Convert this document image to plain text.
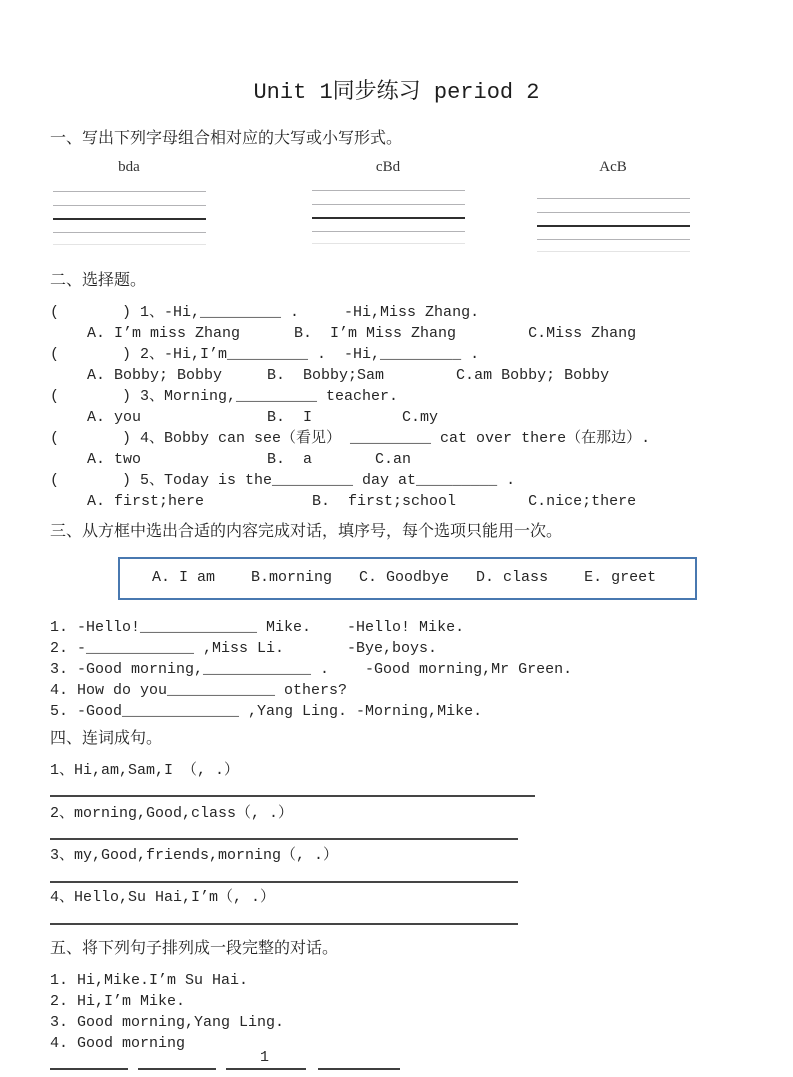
Unit 1同步练习 period 2
一、写出下列字母组合相对应的大写或小写形式。
bda	cBd	AcB
二、选择题。
(       ) 1、-Hi,_________ .     -Hi,Miss Zhang.
A. I’m miss Zhang      B.  I’m Miss Zhang        C.Miss Zhang
(       ) 2、-Hi,I’m_________ .  -Hi,_________ .
A. Bobby; Bobby     B.  Bobby;Sam        C.am Bobby; Bobby
(       ) 3、Morning,_________ teacher.
A. you              B.  I          C.my
(       ) 4、Bobby can see（看见） _________ cat over there（在那边）.
A. two              B.  a       C.an
(       ) 5、Today is the_________ day at_________ .
A. first;here            B.  first;school        C.nice;there
三、从方框中选出合适的内容完成对话，填序号，每个选项只能用一次。
A. I am    B.morning   C. Goodbye   D. class    E. greet
1. -Hello!_____________ Mike.    -Hello! Mike.
2. -____________ ,Miss Li.       -Bye,boys.
3. -Good morning,____________ .    -Good morning,Mr Green.
4. How do you____________ others?
5. -Good_____________ ,Yang Ling. -Morning,Mike.
四、连词成句。
1、Hi,am,Sam,I （, .）
2、morning,Good,class（, .）
3、my,Good,friends,morning（, .）
4、Hello,Su Hai,I’m（, .）
五、将下列句子排列成一段完整的对话。
1. Hi,Mike.I’m Su Hai.
2. Hi,I’m Mike.
3. Good morning,Yang Ling.
4. Good morning
1
